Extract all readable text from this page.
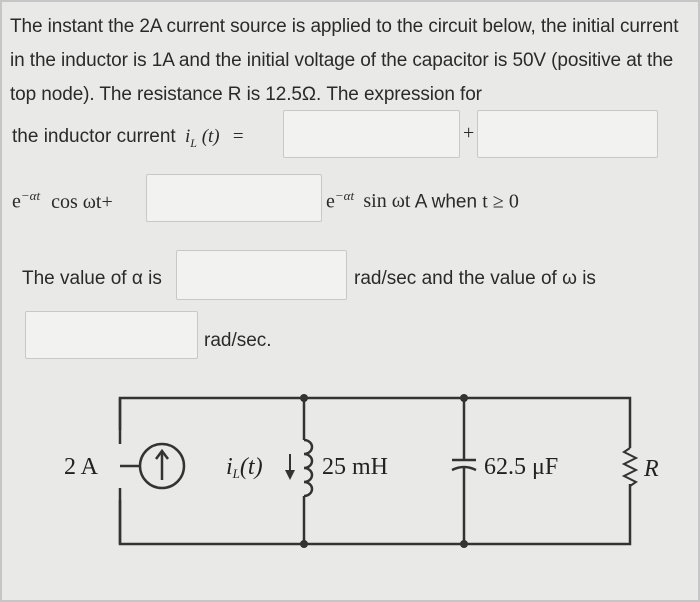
The instant the 2A current source is applied to the circuit below, the initial current in the inductor is 1A and the initial voltage of the capacitor is 50V (positive at the top node). The resistance R is 12.5Ω. The expression for

the inductor current $i_L$ (t) =	+
$e^{-\alpha t}$ cos ωt+	$e^{-\alpha t}$ sin ωt A when t ≥ 0
The value of α is	rad/sec and the value of ω is
rad/sec.
2 A	iL(t) 25 mH	62.5 μF	R
